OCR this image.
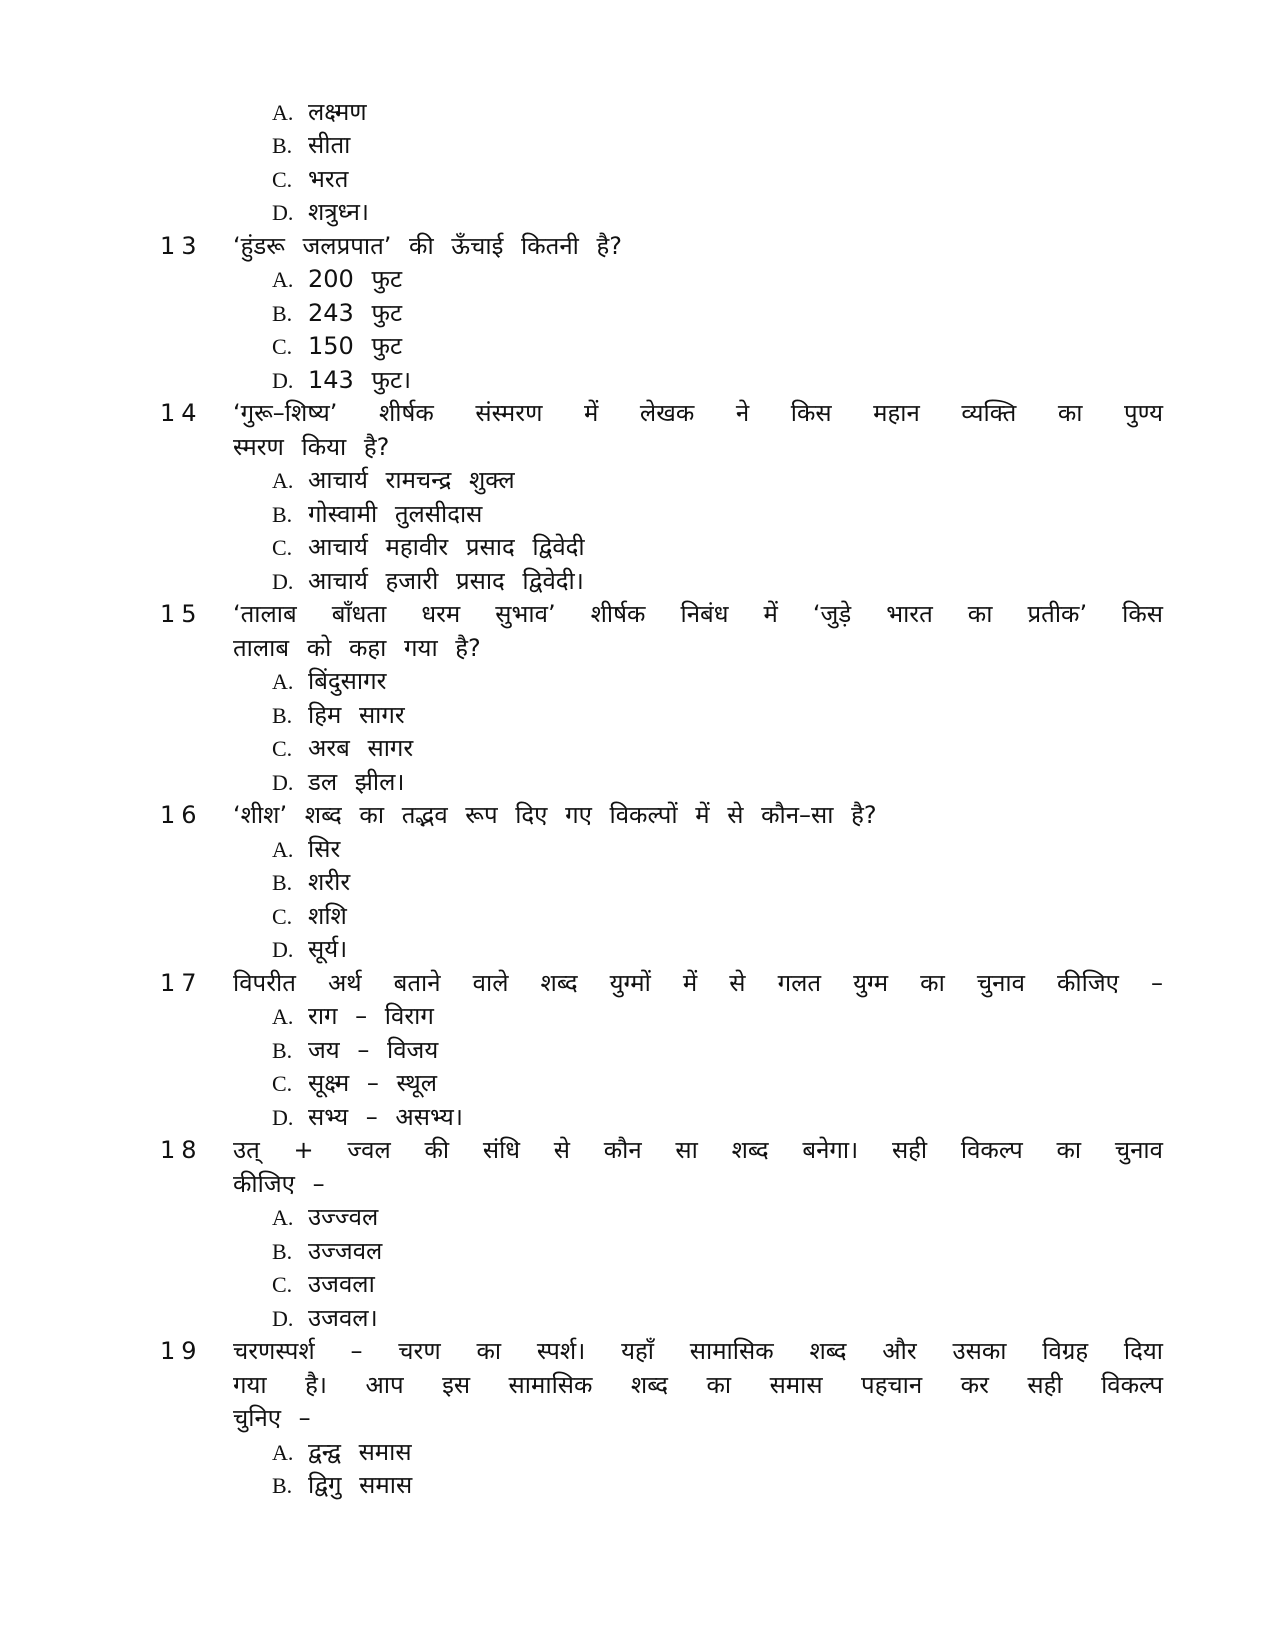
A. लक्ष्मण
B. सीता
C. भरत
D. शत्रुध्न।
13	‘हुंडरू जलप्रपात’ की ऊँचाई कितनी है?
A. 200 फुट
B. 243 फुट
C. 150 फुट
D. 143 फुट।
14	‘गुरू–शिष्य’ शीर्षक संस्मरण में लेखक ने किस महान व्यक्ति का पुण्य
स्मरण किया है?
A. आचार्य रामचन्द्र शुक्ल
B. गोस्वामी तुलसीदास
C. आचार्य महावीर प्रसाद द्विवेदी
D. आचार्य हजारी प्रसाद द्विवेदी।
15	‘तालाब बाँधता धरम सुभाव’ शीर्षक निबंध में ‘जुड़े भारत का प्रतीक’ किस
तालाब को कहा गया है?
A. बिंदुसागर
B. हिम सागर
C. अरब सागर
D. डल झील।
16	‘शीश’ शब्द का तद्भव रूप दिए गए विकल्पों में से कौन–सा है?
A. सिर
B. शरीर
C. शशि
D. सूर्य।
17	विपरीत अर्थ बताने वाले शब्द युग्मों में से गलत युग्म का चुनाव कीजिए –
A. राग – विराग
B. जय – विजय
C. सूक्ष्म – स्थूल
D. सभ्य – असभ्य।
18	उत् + ज्वल की संधि से कौन सा शब्द बनेगा। सही विकल्प का चुनाव
कीजिए –
A. उज्ज्वल
B. उज्जवल
C. उजवला
D. उजवल।
19	चरणस्पर्श – चरण का स्पर्श। यहाँ सामासिक शब्द और उसका विग्रह दिया
गया है। आप इस सामासिक शब्द का समास पहचान कर सही विकल्प
चुनिए –
A. द्वन्द्व समास
B. द्विगु समास
